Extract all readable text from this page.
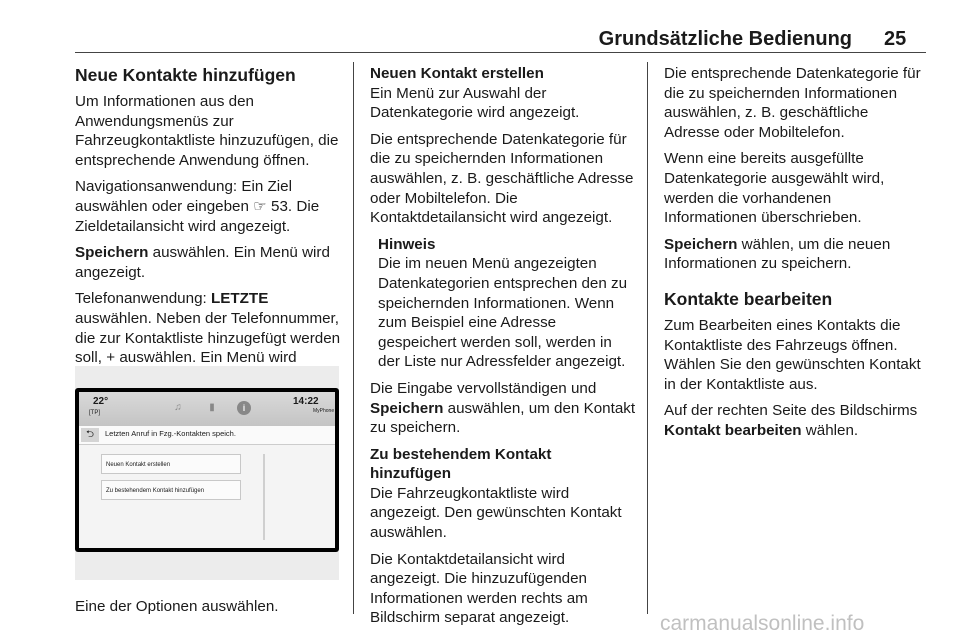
Grundsätzliche Bedienung 25
Neue Kontakte hinzufügen

Um Informationen aus den Anwendungsmenüs zur Fahrzeugkontaktliste hinzuzufügen, die entsprechende Anwendung öffnen.

Navigationsanwendung: Ein Ziel auswählen oder eingeben ☞ 53. Die Zieldetailansicht wird angezeigt.

Speichern auswählen. Ein Menü wird angezeigt.

Telefonanwendung: LETZTE auswählen. Neben der Telefonnummer, die zur Kontaktliste hinzugefügt werden soll, + auswählen. Ein Menü wird

22°
[TP]	♫	▮	i
14:22
MyPhone
⮌	Letzten Anruf in Fzg.-Kontakten speich.
Neuen Kontakt erstellen
Zu bestehendem Kontakt hinzufügen
Eine der Optionen auswählen.
Neuen Kontakt erstellen

Ein Menü zur Auswahl der Datenkategorie wird angezeigt.

Die entsprechende Datenkategorie für die zu speichernden Informationen auswählen, z. B. geschäftliche Adresse oder Mobiltelefon. Die Kontaktdetailansicht wird angezeigt.

Hinweis
Die im neuen Menü angezeigten Datenkategorien entsprechen den zu speichernden Informationen. Wenn zum Beispiel eine Adresse gespeichert werden soll, werden in der Liste nur Adressfelder angezeigt.

Die Eingabe vervollständigen und Speichern auswählen, um den Kontakt zu speichern.

Zu bestehendem Kontakt hinzufügen

Die Fahrzeugkontaktliste wird angezeigt. Den gewünschten Kontakt auswählen.

Die Kontaktdetailansicht wird angezeigt. Die hinzuzufügenden Informationen werden rechts am Bildschirm separat angezeigt.

Die entsprechende Datenkategorie für die zu speichernden Informationen auswählen, z. B. geschäftliche Adresse oder Mobiltelefon.

Wenn eine bereits ausgefüllte Datenkategorie ausgewählt wird, werden die vorhandenen Informationen überschrieben.

Speichern wählen, um die neuen Informationen zu speichern.

Kontakte bearbeiten

Zum Bearbeiten eines Kontakts die Kontaktliste des Fahrzeugs öffnen. Wählen Sie den gewünschten Kontakt in der Kontaktliste aus.

Auf der rechten Seite des Bildschirms Kontakt bearbeiten wählen.

carmanualsonline.info
